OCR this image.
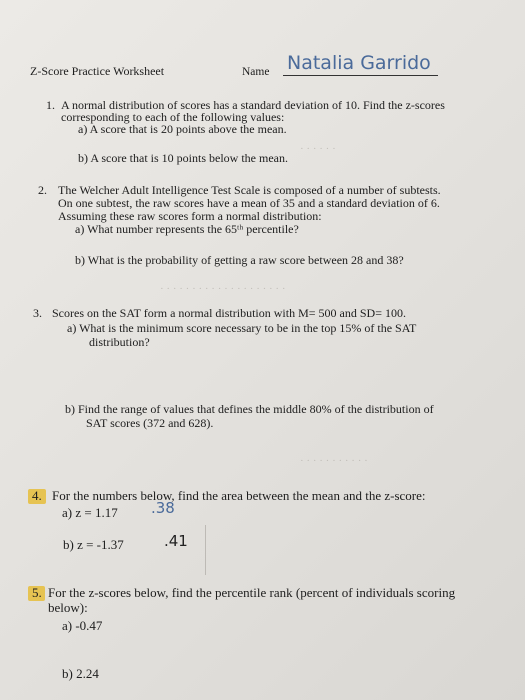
· · · · · ·
· · · · · · · · · · · · · · · · · · · ·
· · · · · · · · · · ·
Z-Score Practice Worksheet	Name Natalia Garrido
1. A normal distribution of scores has a standard deviation of 10. Find the z-scores
corresponding to each of the following values:
a) A score that is 20 points above the mean.
b) A score that is 10 points below the mean.
2. The Welcher Adult Intelligence Test Scale is composed of a number of subtests.
On one subtest, the raw scores have a mean of 35 and a standard deviation of 6.
Assuming these raw scores form a normal distribution:
a) What number represents the 65ᵗʰ percentile?
b) What is the probability of getting a raw score between 28 and 38?
3. Scores on the SAT form a normal distribution with M= 500 and SD= 100.
a) What is the minimum score necessary to be in the top 15% of the SAT
distribution?
b) Find the range of values that defines the middle 80% of the distribution of
SAT scores (372 and 628).
4. For the numbers below, find the area between the mean and the z-score:
a) z = 1.17 .38
b) z = -1.37	.41
5. For the z-scores below, find the percentile rank (percent of individuals scoring
below):
a) -0.47
b) 2.24
